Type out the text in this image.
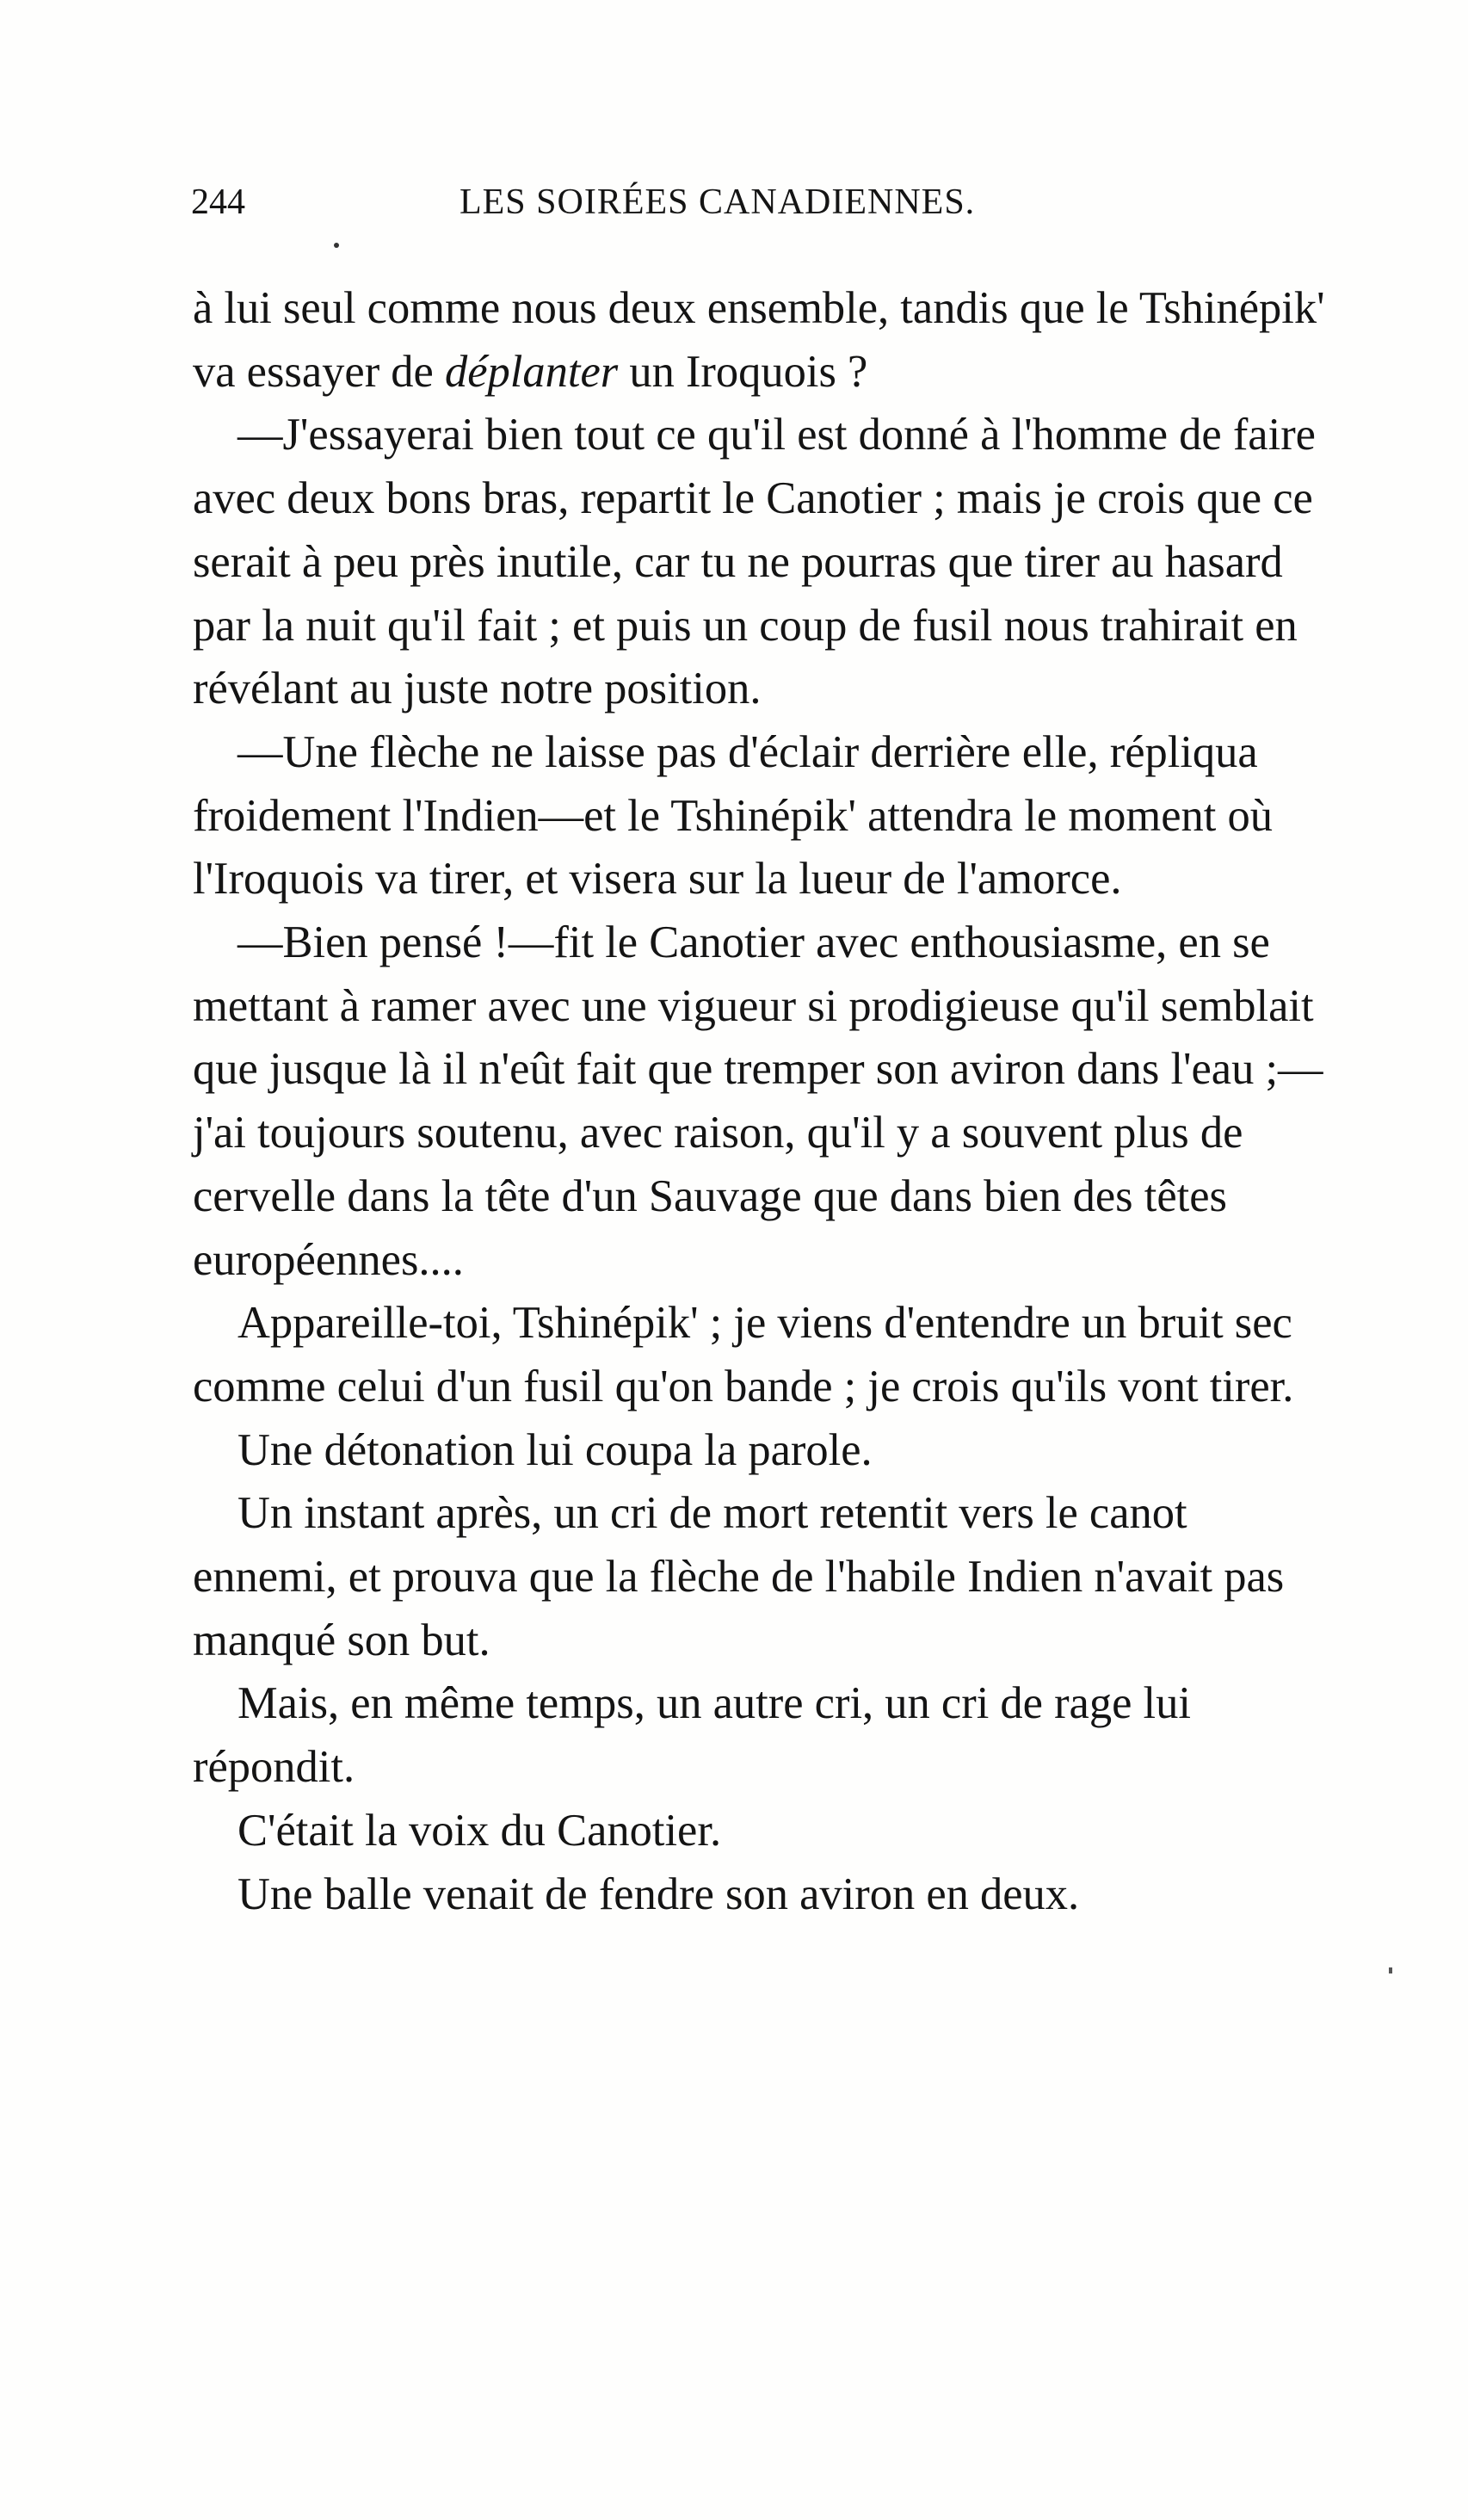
244	LES SOIRÉES CANADIENNES.

à lui seul comme nous deux ensemble, tandis que le Tshinépik' va essayer de déplanter un Iroquois ?

—J'essayerai bien tout ce qu'il est donné à l'homme de faire avec deux bons bras, repartit le Canotier ; mais je crois que ce serait à peu près inutile, car tu ne pourras que tirer au hasard par la nuit qu'il fait ; et puis un coup de fusil nous trahirait en révélant au juste notre position.

—Une flèche ne laisse pas d'éclair derrière elle, répliqua froidement l'Indien—et le Tshinépik' attendra le moment où l'Iroquois va tirer, et visera sur la lueur de l'amorce.

—Bien pensé !—fit le Canotier avec enthousiasme, en se mettant à ramer avec une vigueur si prodigieuse qu'il semblait que jusque là il n'eût fait que tremper son aviron dans l'eau ;—j'ai toujours soutenu, avec raison, qu'il y a souvent plus de cervelle dans la tête d'un Sauvage que dans bien des têtes européennes....

Appareille-toi, Tshinépik' ; je viens d'entendre un bruit sec comme celui d'un fusil qu'on bande ; je crois qu'ils vont tirer.

Une détonation lui coupa la parole.

Un instant après, un cri de mort retentit vers le canot ennemi, et prouva que la flèche de l'habile Indien n'avait pas manqué son but.

Mais, en même temps, un autre cri, un cri de rage lui répondit.

C'était la voix du Canotier.

Une balle venait de fendre son aviron en deux.
